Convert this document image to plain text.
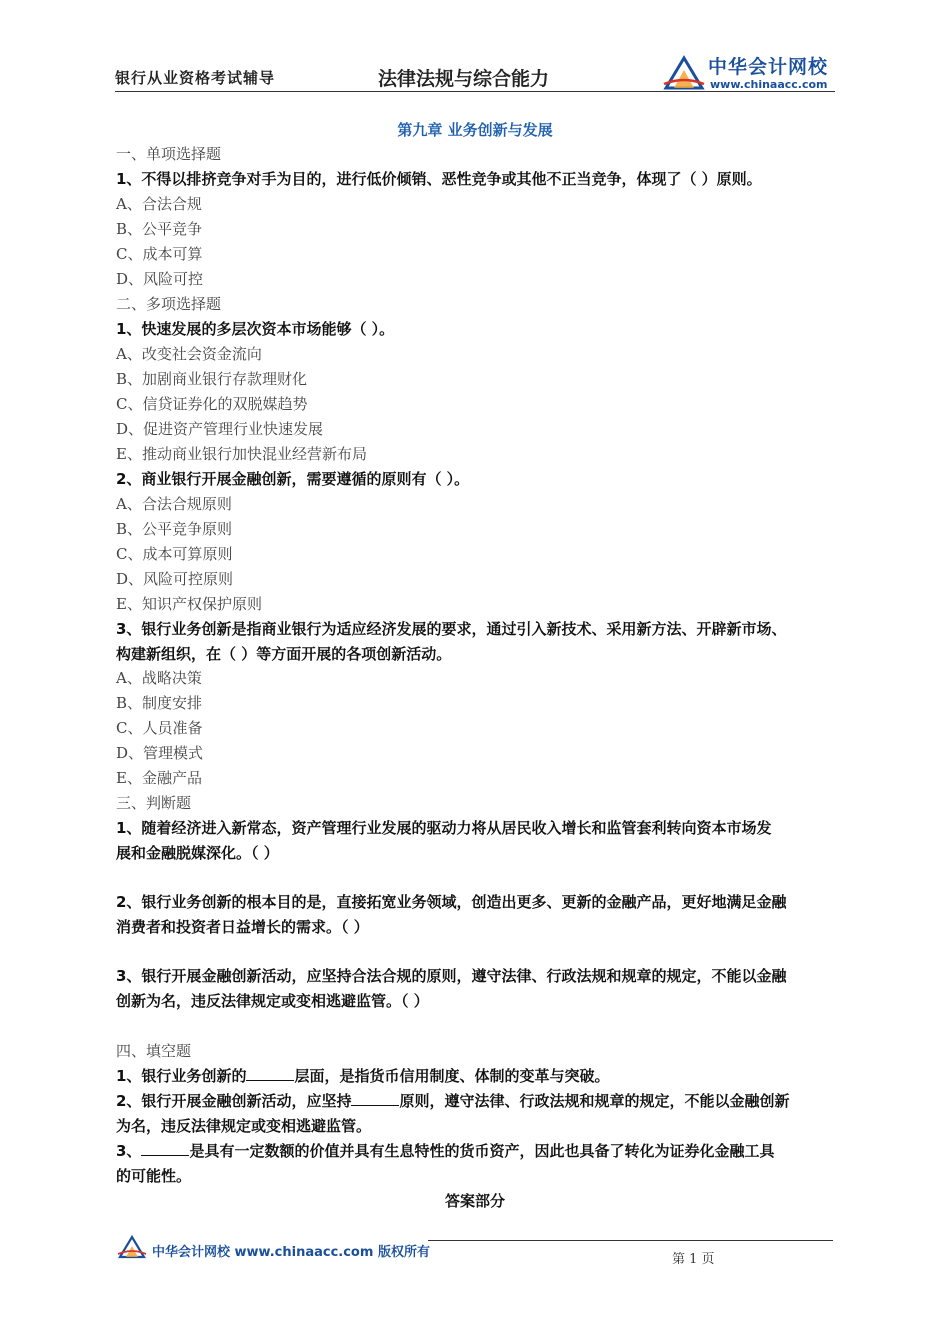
银行从业资格考试辅导	法律法规与综合能力
中华会计网校
www.chinaacc.com
第九章 业务创新与发展
一、单项选择题
1、不得以排挤竞争对手为目的，进行低价倾销、恶性竞争或其他不正当竞争，体现了（ ）原则。
A、合法合规
B、公平竞争
C、成本可算
D、风险可控
二、多项选择题
1、快速发展的多层次资本市场能够（ ）。
A、改变社会资金流向
B、加剧商业银行存款理财化
C、信贷证券化的双脱媒趋势
D、促进资产管理行业快速发展
E、推动商业银行加快混业经营新布局
2、商业银行开展金融创新，需要遵循的原则有（ ）。
A、合法合规原则
B、公平竞争原则
C、成本可算原则
D、风险可控原则
E、知识产权保护原则
3、银行业务创新是指商业银行为适应经济发展的要求，通过引入新技术、采用新方法、开辟新市场、
构建新组织，在（ ）等方面开展的各项创新活动。
A、战略决策
B、制度安排
C、人员准备
D、管理模式
E、金融产品
三、判断题
1、随着经济进入新常态，资产管理行业发展的驱动力将从居民收入增长和监管套利转向资本市场发
展和金融脱媒深化。（ ）
2、银行业务创新的根本目的是，直接拓宽业务领域，创造出更多、更新的金融产品，更好地满足金融
消费者和投资者日益增长的需求。（ ）
3、银行开展金融创新活动，应坚持合法合规的原则，遵守法律、行政法规和规章的规定，不能以金融
创新为名，违反法律规定或变相逃避监管。（ ）
四、填空题
1、银行业务创新的	层面，是指货币信用制度、体制的变革与突破。
2、银行开展金融创新活动，应坚持	原则，遵守法律、行政法规和规章的规定，不能以金融创新
为名，违反法律规定或变相逃避监管。
3、	是具有一定数额的价值并具有生息特性的货币资产，因此也具备了转化为证券化金融工具
的可能性。
答案部分
中华会计网校 www.chinaacc.com 版权所有	第 1 页
